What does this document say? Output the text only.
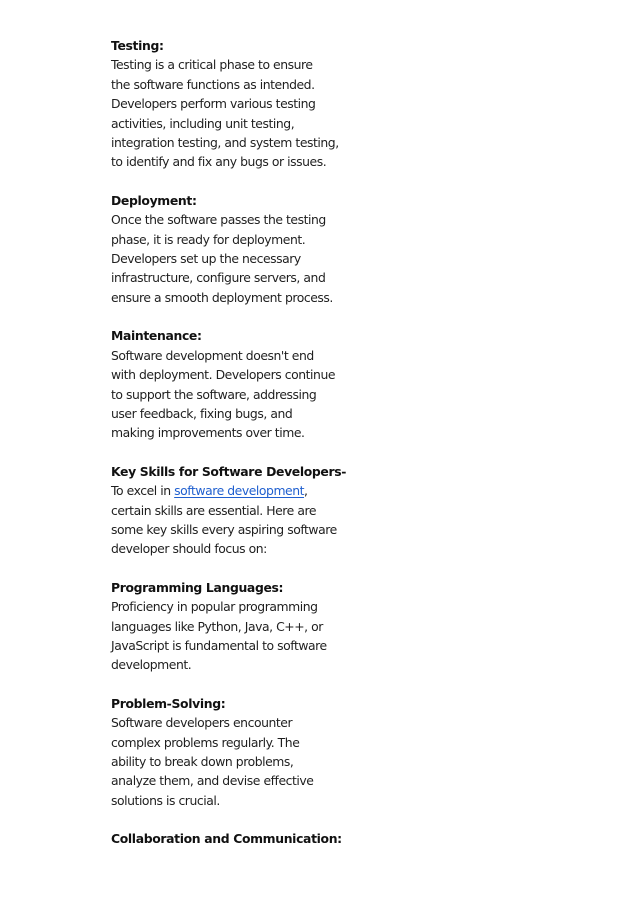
Testing:
Testing is a critical phase to ensure
the software functions as intended.
Developers perform various testing
activities, including unit testing,
integration testing, and system testing,
to identify and fix any bugs or issues.
Deployment:
Once the software passes the testing
phase, it is ready for deployment.
Developers set up the necessary
infrastructure, configure servers, and
ensure a smooth deployment process.
Maintenance:
Software development doesn't end
with deployment. Developers continue
to support the software, addressing
user feedback, fixing bugs, and
making improvements over time.
Key Skills for Software Developers-
To excel in software development,
certain skills are essential. Here are
some key skills every aspiring software
developer should focus on:
Programming Languages:
Proficiency in popular programming
languages like Python, Java, C++, or
JavaScript is fundamental to software
development.
Problem-Solving:
Software developers encounter
complex problems regularly. The
ability to break down problems,
analyze them, and devise effective
solutions is crucial.
Collaboration and Communication:
